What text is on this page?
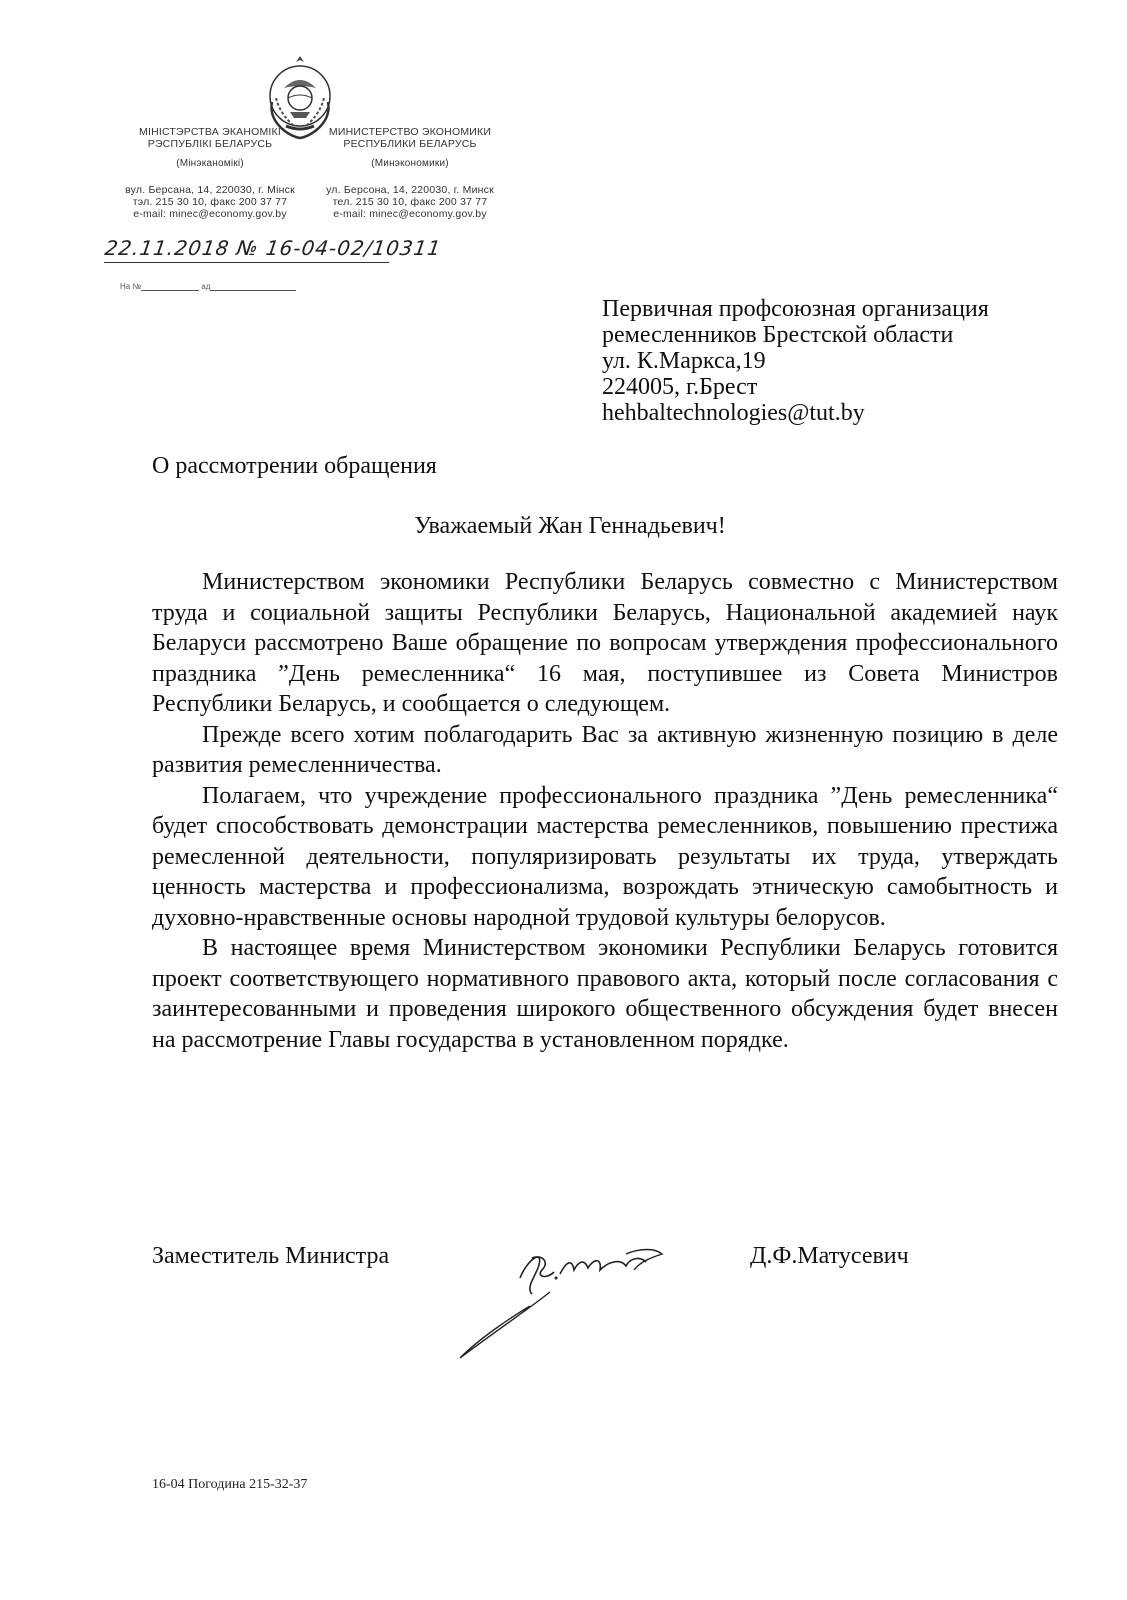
МІНІСТЭРСТВА ЭКАНОМІКІ
РЭСПУБЛІКІ БЕЛАРУСЬ
(Мінэканомікі)
вул. Берсана, 14, 220030, г. Мінск
тэл. 215 30 10, факс 200 37 77
e-mail: minec@economy.gov.by
МИНИСТЕРСТВО ЭКОНОМИКИ
РЕСПУБЛИКИ БЕЛАРУСЬ
(Минэкономики)
ул. Берсона, 14, 220030, г. Минск
тел. 215 30 10, факс 200 37 77
e-mail: minec@economy.gov.by
22.11.2018 № 16-04-02/10311
На №	ад
Первичная профсоюзная организация
ремесленников Брестской области
ул. К.Маркса,19
224005, г.Брест
hehbaltechnologies@tut.by
О рассмотрении обращения
Уважаемый Жан Геннадьевич!

Министерством экономики Республики Беларусь совместно с Министерством труда и социальной защиты Республики Беларусь, Национальной академией наук Беларуси рассмотрено Ваше обращение по вопросам утверждения профессионального праздника ”День ремесленника“ 16 мая, поступившее из Совета Министров Республики Беларусь, и сообщается о следующем.

Прежде всего хотим поблагодарить Вас за активную жизненную позицию в деле развития ремесленничества.

Полагаем, что учреждение профессионального праздника ”День ремесленника“ будет способствовать демонстрации мастерства ремесленников, повышению престижа ремесленной деятельности, популяризировать результаты их труда, утверждать ценность мастерства и профессионализма, возрождать этническую самобытность и духовно-нравственные основы народной трудовой культуры белорусов.

В настоящее время Министерством экономики Республики Беларусь готовится проект соответствующего нормативного правового акта, который после согласования с заинтересованными и проведения широкого общественного обсуждения будет внесен на рассмотрение Главы государства в установленном порядке.

Заместитель Министра	Д.Ф.Матусевич
16-04 Погодина 215-32-37
